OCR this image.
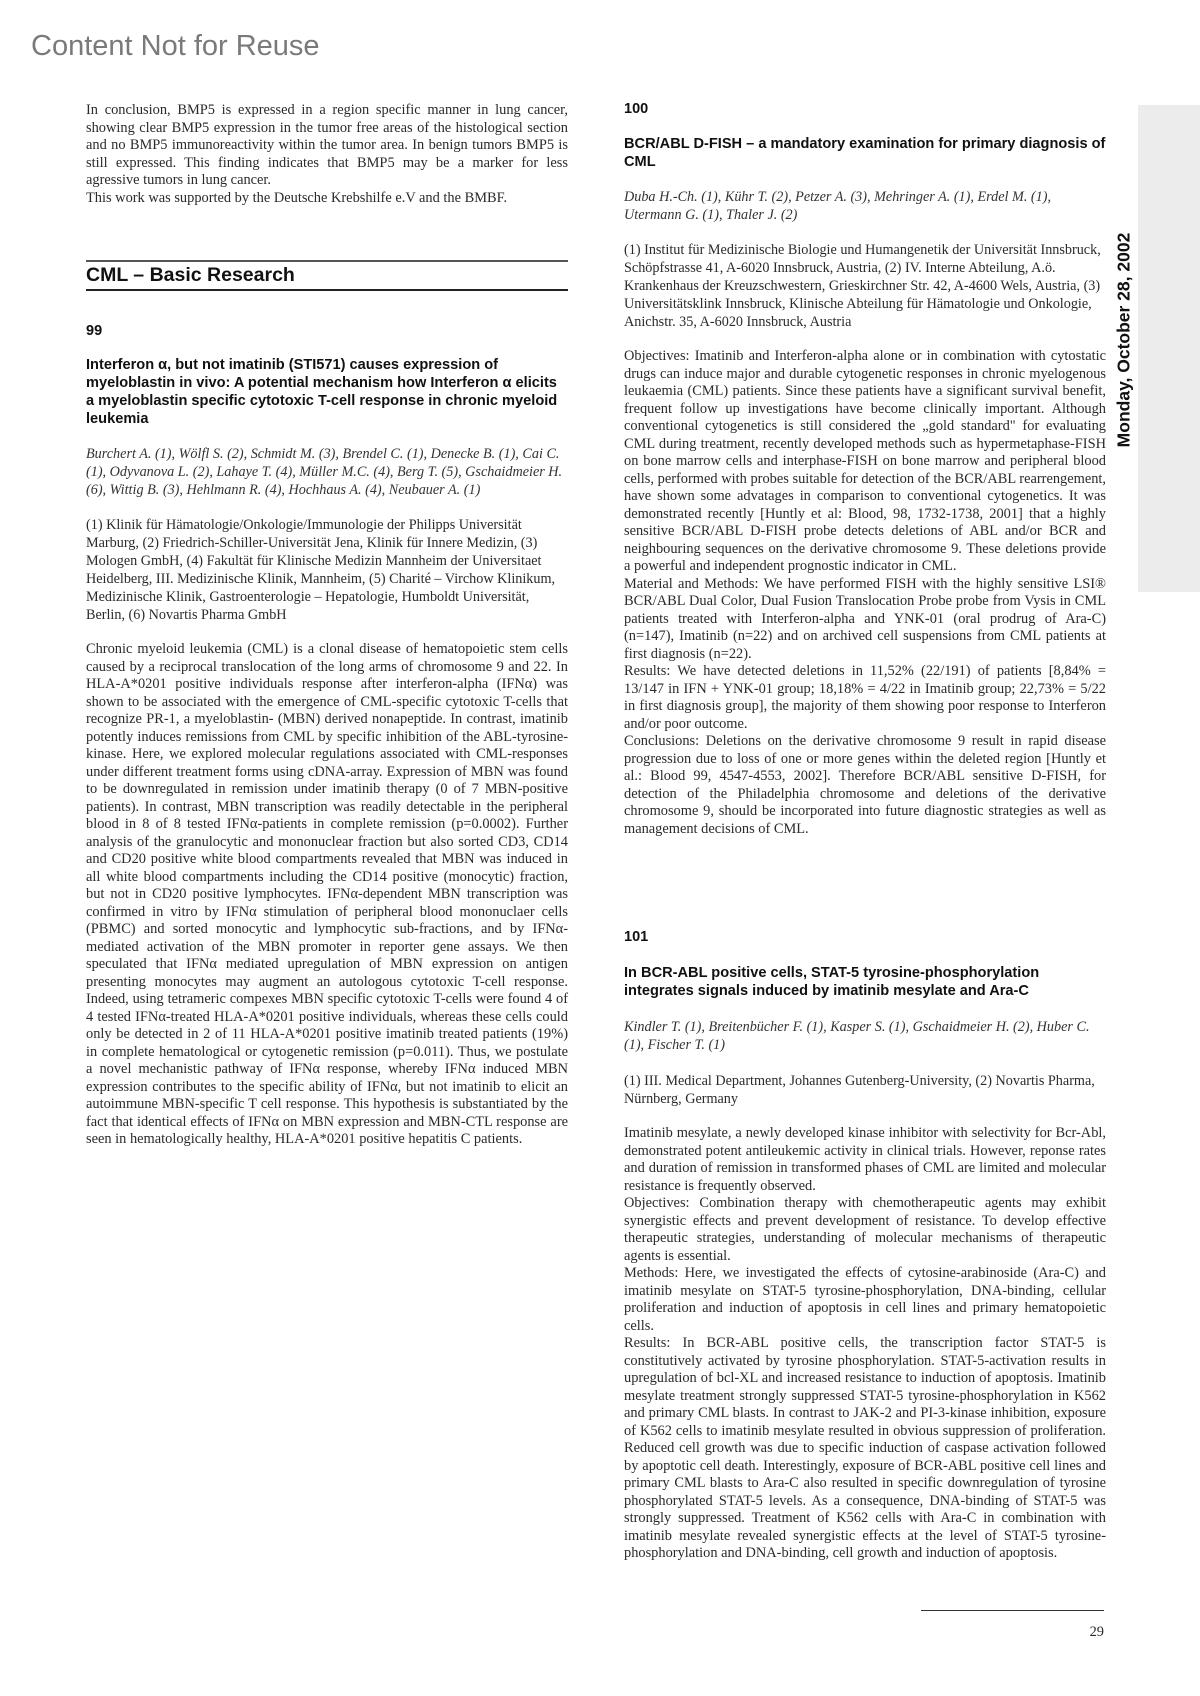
Content Not for Reuse

In conclusion, BMP5 is expressed in a region specific manner in lung cancer, showing clear BMP5 expression in the tumor free areas of the histological section and no BMP5 immunoreactivity within the tumor area. In benign tumors BMP5 is still expressed. This finding indicates that BMP5 may be a marker for less agressive tumors in lung cancer.

This work was supported by the Deutsche Krebshilfe e.V and the BMBF.

CML – Basic Research
99
Interferon α, but not imatinib (STI571) causes expression of myeloblastin in vivo: A potential mechanism how Interferon α elicits a myeloblastin specific cytotoxic T-cell response in chronic myeloid leukemia
Burchert A. (1), Wölfl S. (2), Schmidt M. (3), Brendel C. (1), Denecke B. (1), Cai C. (1), Odyvanova L. (2), Lahaye T. (4), Müller M.C. (4), Berg T. (5), Gschaidmeier H. (6), Wittig B. (3), Hehlmann R. (4), Hochhaus A. (4), Neubauer A. (1)
(1) Klinik für Hämatologie/Onkologie/Immunologie der Philipps Universität Marburg, (2) Friedrich-Schiller-Universität Jena, Klinik für Innere Medizin, (3) Mologen GmbH, (4) Fakultät für Klinische Medizin Mannheim der Universitaet Heidelberg, III. Medizinische Klinik, Mannheim, (5) Charité – Virchow Klinikum, Medizinische Klinik, Gastroenterologie – Hepatologie, Humboldt Universität, Berlin, (6) Novartis Pharma GmbH

Chronic myeloid leukemia (CML) is a clonal disease of hematopoietic stem cells caused by a reciprocal translocation of the long arms of chromosome 9 and 22. In HLA-A*0201 positive individuals response after interferon-alpha (IFNα) was shown to be associated with the emergence of CML-specific cytotoxic T-cells that recognize PR-1, a myeloblastin- (MBN) derived nonapeptide. In contrast, imatinib potently induces remissions from CML by specific inhibition of the ABL-tyrosine-kinase. Here, we explored molecular regulations associated with CML-responses under different treatment forms using cDNA-array. Expression of MBN was found to be downregulated in remission under imatinib therapy (0 of 7 MBN-positive patients). In contrast, MBN transcription was readily detectable in the peripheral blood in 8 of 8 tested IFNα-patients in complete remission (p=0.0002). Further analysis of the granulocytic and mononuclear fraction but also sorted CD3, CD14 and CD20 positive white blood compartments revealed that MBN was induced in all white blood compartments including the CD14 positive (monocytic) fraction, but not in CD20 positive lymphocytes. IFNα-dependent MBN transcription was confirmed in vitro by IFNα stimulation of peripheral blood mononuclaer cells (PBMC) and sorted monocytic and lymphocytic sub-fractions, and by IFNα-mediated activation of the MBN promoter in reporter gene assays. We then speculated that IFNα mediated upregulation of MBN expression on antigen presenting monocytes may augment an autologous cytotoxic T-cell response. Indeed, using tetrameric compexes MBN specific cytotoxic T-cells were found 4 of 4 tested IFNα-treated HLA-A*0201 positive individuals, whereas these cells could only be detected in 2 of 11 HLA-A*0201 positive imatinib treated patients (19%) in complete hematological or cytogenetic remission (p=0.011). Thus, we postulate a novel mechanistic pathway of IFNα response, whereby IFNα induced MBN expression contributes to the specific ability of IFNα, but not imatinib to elicit an autoimmune MBN-specific T cell response. This hypothesis is substantiated by the fact that identical effects of IFNα on MBN expression and MBN-CTL response are seen in hematologically healthy, HLA-A*0201 positive hepatitis C patients.

100
BCR/ABL D-FISH – a mandatory examination for primary diagnosis of CML
Duba H.-Ch. (1), Kühr T. (2), Petzer A. (3), Mehringer A. (1), Erdel M. (1), Utermann G. (1), Thaler J. (2)
(1) Institut für Medizinische Biologie und Humangenetik der Universität Innsbruck, Schöpfstrasse 41, A-6020 Innsbruck, Austria, (2) IV. Interne Abteilung, A.ö. Krankenhaus der Kreuzschwestern, Grieskirchner Str. 42, A-4600 Wels, Austria, (3) Universitätsklink Innsbruck, Klinische Abteilung für Hämatologie und Onkologie, Anichstr. 35, A-6020 Innsbruck, Austria

Objectives: Imatinib and Interferon-alpha alone or in combination with cytostatic drugs can induce major and durable cytogenetic responses in chronic myelogenous leukaemia (CML) patients. Since these patients have a significant survival benefit, frequent follow up investigations have become clinically important. Although conventional cytogenetics is still considered the „gold standard" for evaluating CML during treatment, recently developed methods such as hypermetaphase-FISH on bone marrow cells and interphase-FISH on bone marrow and peripheral blood cells, performed with probes suitable for detection of the BCR/ABL rearrengement, have shown some advatages in comparison to conventional cytogenetics. It was demonstrated recently [Huntly et al: Blood, 98, 1732-1738, 2001] that a highly sensitive BCR/ABL D-FISH probe detects deletions of ABL and/or BCR and neighbouring sequences on the derivative chromosome 9. These deletions provide a powerful and independent prognostic indicator in CML.

Material and Methods: We have performed FISH with the highly sensitive LSI® BCR/ABL Dual Color, Dual Fusion Translocation Probe probe from Vysis in CML patients treated with Interferon-alpha and YNK-01 (oral prodrug of Ara-C) (n=147), Imatinib (n=22) and on archived cell suspensions from CML patients at first diagnosis (n=22).

Results: We have detected deletions in 11,52% (22/191) of patients [8,84% = 13/147 in IFN + YNK-01 group; 18,18% = 4/22 in Imatinib group; 22,73% = 5/22 in first diagnosis group], the majority of them showing poor response to Interferon and/or poor outcome.

Conclusions: Deletions on the derivative chromosome 9 result in rapid disease progression due to loss of one or more genes within the deleted region [Huntly et al.: Blood 99, 4547-4553, 2002]. Therefore BCR/ABL sensitive D-FISH, for detection of the Philadelphia chromosome and deletions of the derivative chromosome 9, should be incorporated into future diagnostic strategies as well as management decisions of CML.

101
In BCR-ABL positive cells, STAT-5 tyrosine-phosphorylation integrates signals induced by imatinib mesylate and Ara-C
Kindler T. (1), Breitenbücher F. (1), Kasper S. (1), Gschaidmeier H. (2), Huber C. (1), Fischer T. (1)
(1) III. Medical Department, Johannes Gutenberg-University, (2) Novartis Pharma, Nürnberg, Germany

Imatinib mesylate, a newly developed kinase inhibitor with selectivity for Bcr-Abl, demonstrated potent antileukemic activity in clinical trials. However, reponse rates and duration of remission in transformed phases of CML are limited and molecular resistance is frequently observed.

Objectives: Combination therapy with chemotherapeutic agents may exhibit synergistic effects and prevent development of resistance. To develop effective therapeutic strategies, understanding of molecular mechanisms of therapeutic agents is essential.

Methods: Here, we investigated the effects of cytosine-arabinoside (Ara-C) and imatinib mesylate on STAT-5 tyrosine-phosphorylation, DNA-binding, cellular proliferation and induction of apoptosis in cell lines and primary hematopoietic cells.

Results: In BCR-ABL positive cells, the transcription factor STAT-5 is constitutively activated by tyrosine phosphorylation. STAT-5-activation results in upregulation of bcl-XL and increased resistance to induction of apoptosis. Imatinib mesylate treatment strongly suppressed STAT-5 tyrosine-phosphorylation in K562 and primary CML blasts. In contrast to JAK-2 and PI-3-kinase inhibition, exposure of K562 cells to imatinib mesylate resulted in obvious suppression of proliferation. Reduced cell growth was due to specific induction of caspase activation followed by apoptotic cell death. Interestingly, exposure of BCR-ABL positive cell lines and primary CML blasts to Ara-C also resulted in specific downregulation of tyrosine phosphorylated STAT-5 levels. As a consequence, DNA-binding of STAT-5 was strongly suppressed. Treatment of K562 cells with Ara-C in combination with imatinib mesylate revealed synergistic effects at the level of STAT-5 tyrosine-phosphorylation and DNA-binding, cell growth and induction of apoptosis.

Monday, October 28, 2002
29
